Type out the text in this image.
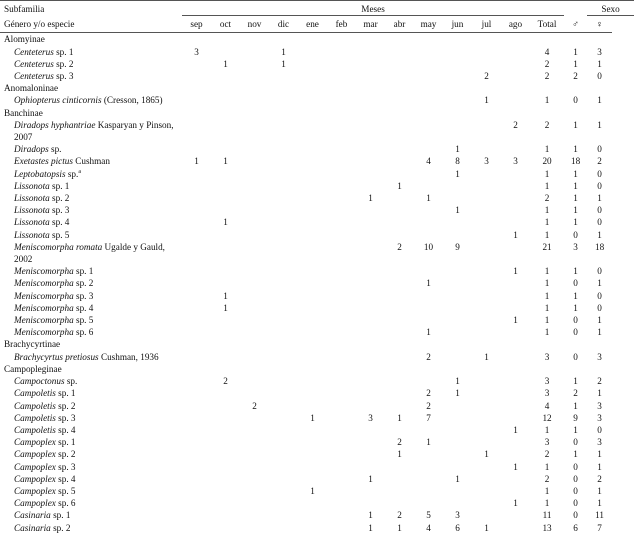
Subfamilia	Meses														Sexo
Género y/o especie	sep	oct	nov	dic	ene	feb	mar	abr	may	jun	jul	ago	Total	♂	♀
Alomyinae															
Centeterus sp. 1	3			1									4	1	3
Centeterus sp. 2		1		1									2	1	1
Centeterus sp. 3											2		2	2	0
Anomaloninae															
Ophiopterus cinticornis (Cresson, 1865)											1		1	0	1
Banchinae															
Diradops hyphantriae Kasparyan y Pinson, 2007												2	2	1	1
Diradops sp.										1			1	1	0
Exetastes pictus Cushman	1	1							4	8	3	3	20	18	2
Leptobatopsis sp.$^a$										1			1	1	0
Lissonota sp. 1								1					1	1	0
Lissonota sp. 2							1		1				2	1	1
Lissonota sp. 3										1			1	1	0
Lissonota sp. 4		1											1	1	0
Lissonota sp. 5												1	1	0	1
Meniscomorpha romata Ugalde y Gauld, 2002								2	10	9			21	3	18
Meniscomorpha sp. 1												1	1	1	0
Meniscomorpha sp. 2									1				1	0	1
Meniscomorpha sp. 3		1											1	1	0
Meniscomorpha sp. 4		1											1	1	0
Meniscomorpha sp. 5												1	1	0	1
Meniscomorpha sp. 6									1				1	0	1
Brachycyrtinae															
Brachycyrtus pretiosus Cushman, 1936									2		1		3	0	3
Campopleginae															
Campoctonus sp.		2								1			3	1	2
Campoletis sp. 1									2	1			3	2	1
Campoletis sp. 2			2						2				4	1	3
Campoletis sp. 3					1		3	1	7				12	9	3
Campoletis sp. 4												1	1	1	0
Campoplex sp. 1								2	1				3	0	3
Campoplex sp. 2								1			1		2	1	1
Campoplex sp. 3												1	1	0	1
Campoplex sp. 4							1			1			2	0	2
Campoplex sp. 5					1								1	0	1
Campoplex sp. 6												1	1	0	1
Casinaria sp. 1							1	2	5	3			11	0	11
Casinaria sp. 2							1	1	4	6	1		13	6	7
